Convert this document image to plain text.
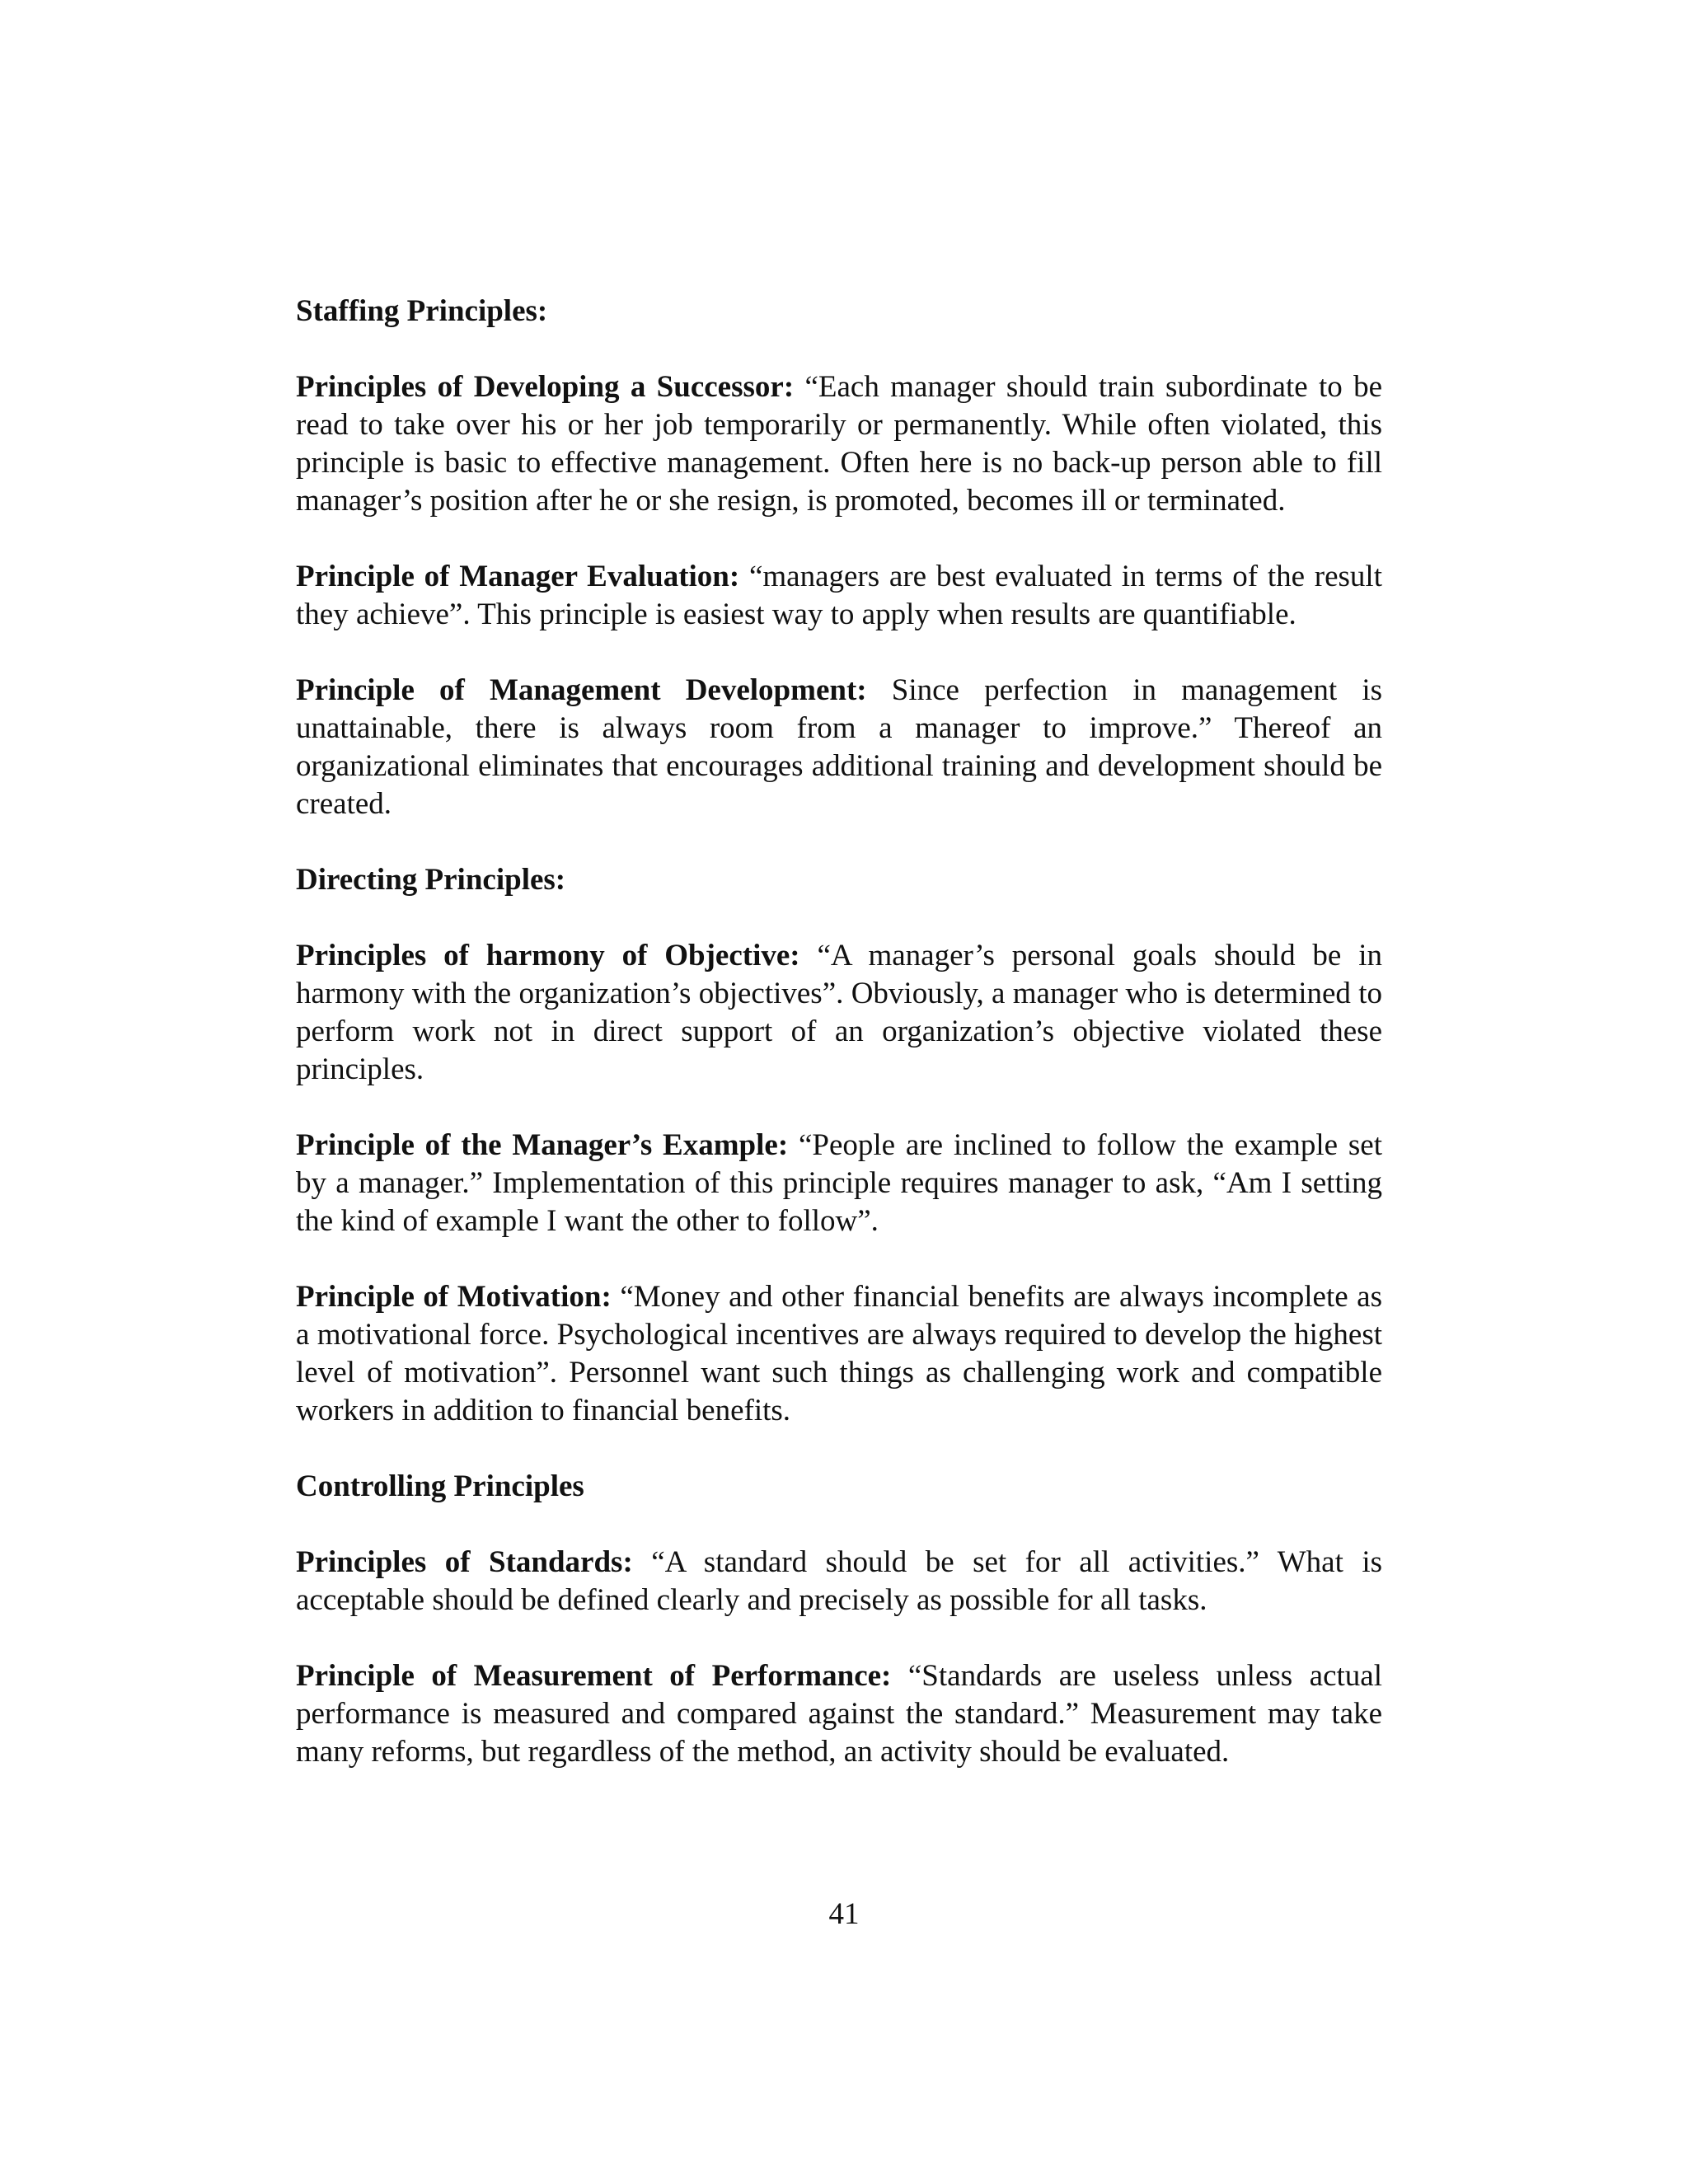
Staffing Principles:

Principles of Developing a Successor: “Each manager should train subordinate to be read to take over his or her job temporarily or permanently. While often violated, this principle is basic to effective management. Often here is no back-up person able to fill manager’s position after he or she resign, is promoted, becomes ill or terminated.

Principle of Manager Evaluation: “managers are best evaluated in terms of the result they achieve”. This principle is easiest way to apply when results are quantifiable.

Principle of Management Development: Since perfection in management is unattainable, there is always room from a manager to improve.” Thereof an organizational eliminates that encourages additional training and development should be created.

Directing Principles:

Principles of harmony of Objective: “A manager’s personal goals should be in harmony with the organization’s objectives”. Obviously, a manager who is determined to perform work not in direct support of an organization’s objective violated these principles.

Principle of the Manager’s Example: “People are inclined to follow the example set by a manager.” Implementation of this principle requires manager to ask, “Am I setting the kind of example I want the other to follow”.

Principle of Motivation: “Money and other financial benefits are always incomplete as a motivational force. Psychological incentives are always required to develop the highest level of motivation”. Personnel want such things as challenging work and compatible workers in addition to financial benefits.

Controlling Principles

Principles of Standards: “A standard should be set for all activities.” What is acceptable should be defined clearly and precisely as possible for all tasks.

Principle of Measurement of Performance: “Standards are useless unless actual performance is measured and compared against the standard.” Measurement may take many reforms, but regardless of the method, an activity should be evaluated.

41
